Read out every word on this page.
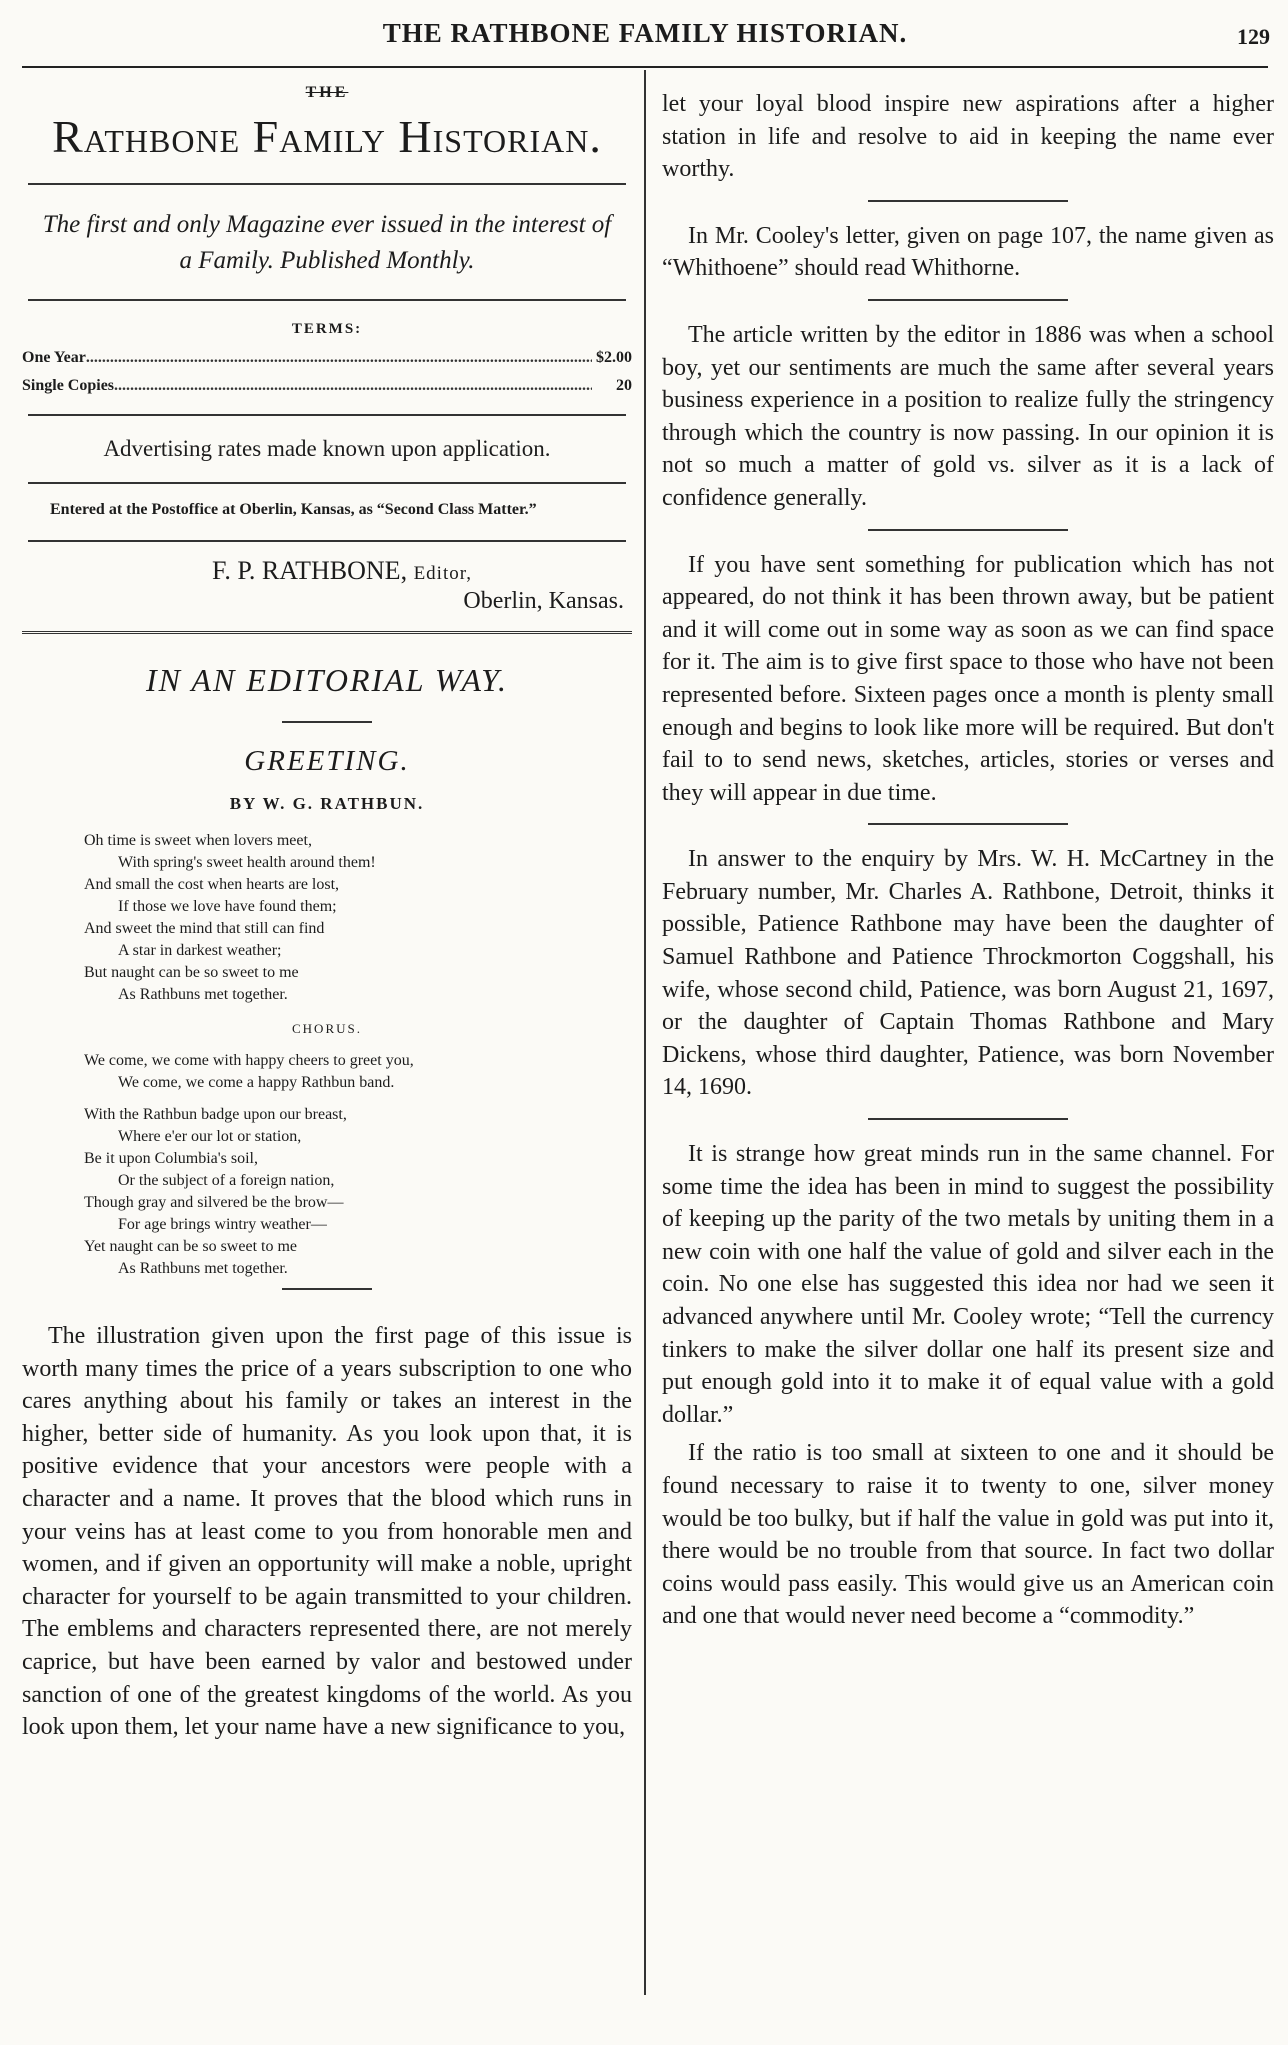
THE RATHBONE FAMILY HISTORIAN.	129
THE
Rathbone Family Historian.
The first and only Magazine ever issued in the interest of a Family. Published Monthly.
TERMS:
One Year .....	$2.00
Single Copies .....	20
Advertising rates made known upon application.
Entered at the Postoffice at Oberlin, Kansas, as “Second Class Matter.”
F. P. RATHBONE, Editor,
Oberlin, Kansas.
IN AN EDITORIAL WAY.
GREETING.
BY W. G. RATHBUN.
Oh time is sweet when lovers meet,
With spring's sweet health around them!
And small the cost when hearts are lost,
If those we love have found them;
And sweet the mind that still can find
A star in darkest weather;
But naught can be so sweet to me
As Rathbuns met together.
CHORUS.
We come, we come with happy cheers to greet you,
We come, we come a happy Rathbun band.
With the Rathbun badge upon our breast,
Where e'er our lot or station,
Be it upon Columbia's soil,
Or the subject of a foreign nation,
Though gray and silvered be the brow—
For age brings wintry weather—
Yet naught can be so sweet to me
As Rathbuns met together.

The illustration given upon the first page of this issue is worth many times the price of a years subscription to one who cares anything about his family or takes an interest in the higher, better side of humanity. As you look upon that, it is positive evidence that your ancestors were people with a character and a name. It proves that the blood which runs in your veins has at least come to you from honorable men and women, and if given an opportunity will make a noble, upright character for yourself to be again transmitted to your children. The emblems and characters represented there, are not merely caprice, but have been earned by valor and bestowed under sanction of one of the greatest kingdoms of the world. As you look upon them, let your name have a new significance to you,

let your loyal blood inspire new aspirations after a higher station in life and resolve to aid in keeping the name ever worthy.

In Mr. Cooley's letter, given on page 107, the name given as “Whithoene” should read Whithorne.

The article written by the editor in 1886 was when a school boy, yet our sentiments are much the same after several years business experience in a position to realize fully the stringency through which the country is now passing. In our opinion it is not so much a matter of gold vs. silver as it is a lack of confidence generally.

If you have sent something for publication which has not appeared, do not think it has been thrown away, but be patient and it will come out in some way as soon as we can find space for it. The aim is to give first space to those who have not been represented before. Sixteen pages once a month is plenty small enough and begins to look like more will be required. But don't fail to to send news, sketches, articles, stories or verses and they will appear in due time.

In answer to the enquiry by Mrs. W. H. McCartney in the February number, Mr. Charles A. Rathbone, Detroit, thinks it possible, Patience Rathbone may have been the daughter of Samuel Rathbone and Patience Throckmorton Coggshall, his wife, whose second child, Patience, was born August 21, 1697, or the daughter of Captain Thomas Rathbone and Mary Dickens, whose third daughter, Patience, was born November 14, 1690.

It is strange how great minds run in the same channel. For some time the idea has been in mind to suggest the possibility of keeping up the parity of the two metals by uniting them in a new coin with one half the value of gold and silver each in the coin. No one else has suggested this idea nor had we seen it advanced anywhere until Mr. Cooley wrote; “Tell the currency tinkers to make the silver dollar one half its present size and put enough gold into it to make it of equal value with a gold dollar.”

If the ratio is too small at sixteen to one and it should be found necessary to raise it to twenty to one, silver money would be too bulky, but if half the value in gold was put into it, there would be no trouble from that source. In fact two dollar coins would pass easily. This would give us an American coin and one that would never need become a “commodity.”
